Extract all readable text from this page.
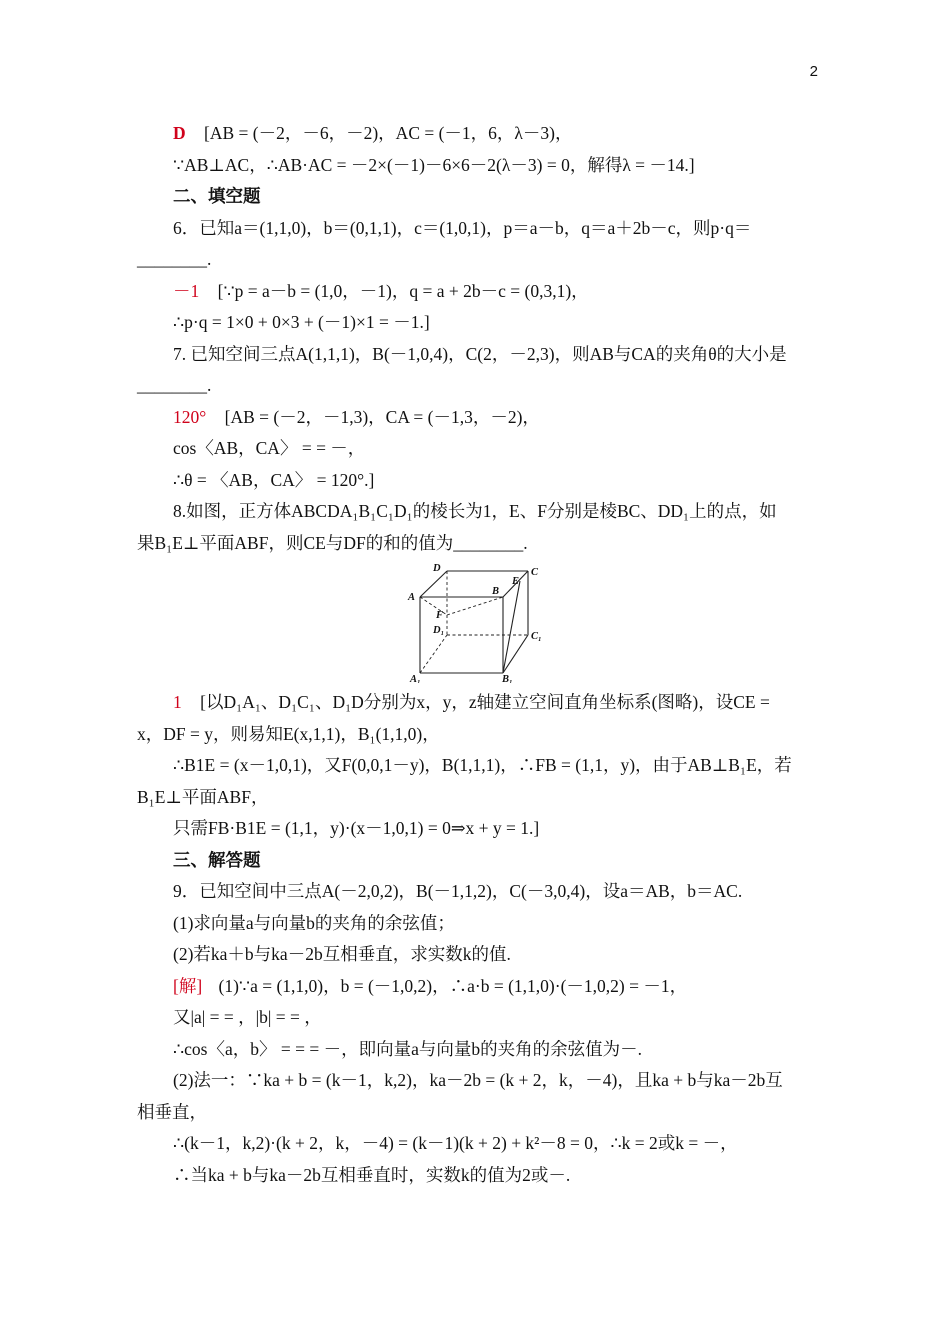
2
D [AB = (－2，－6，－2)，AC = (－1，6，λ－3)，
∵AB⊥AC，∴AB·AC = －2×(－1)－6×6－2(λ－3) = 0，解得λ = －14.]
二、填空题
6．已知a＝(1,1,0)，b＝(0,1,1)，c＝(1,0,1)，p＝a－b，q＝a＋2b－c，则p·q＝
________.
－1 [∵p = a－b = (1,0，－1)，q = a + 2b－c = (0,3,1)，
∴p·q = 1×0 + 0×3 + (－1)×1 = －1.]
7. 已知空间三点A(1,1,1)，B(－1,0,4)，C(2，－2,3)，则AB与CA的夹角θ的大小是
________.
120° [AB = (－2，－1,3)，CA = (－1,3，－2)，
cos〈AB，CA〉 = = －，
∴θ = 〈AB，CA〉 = 120°.]
8.如图，正方体ABCDA₁B₁C₁D₁的棱长为1，E、F分别是棱BC、DD₁上的点，如
果B₁E⊥平面ABF，则CE与DF的和的值为________.
D	C
A
B
E
F
D₁
C₁
A₁	B₁
1 [以D₁A₁、D₁C₁、D₁D分别为x，y，z轴建立空间直角坐标系(图略)，设CE =
x，DF = y，则易知E(x,1,1)，B₁(1,1,0)，
∴B1E = (x－1,0,1)，又F(0,0,1－y)，B(1,1,1)，∴FB = (1,1，y)，由于AB⊥B₁E，若
B₁E⊥平面ABF，
只需FB·B1E = (1,1，y)·(x－1,0,1) = 0⇒x + y = 1.]
三、解答题
9．已知空间中三点A(－2,0,2)，B(－1,1,2)，C(－3,0,4)，设a＝AB，b＝AC.
(1)求向量a与向量b的夹角的余弦值；
(2)若ka＋b与ka－2b互相垂直，求实数k的值.
[解] (1)∵a = (1,1,0)，b = (－1,0,2)，∴a·b = (1,1,0)·(－1,0,2) = －1，
又|a| = = ，|b| = = ，
∴cos〈a，b〉 = = = －，即向量a与向量b的夹角的余弦值为－.
(2)法一：∵ka + b = (k－1，k,2)，ka－2b = (k + 2，k，－4)，且ka + b与ka－2b互
相垂直，
∴(k－1，k,2)·(k + 2，k，－4) = (k－1)(k + 2) + k²－8 = 0，∴k = 2或k = －，
∴当ka + b与ka－2b互相垂直时，实数k的值为2或－.
